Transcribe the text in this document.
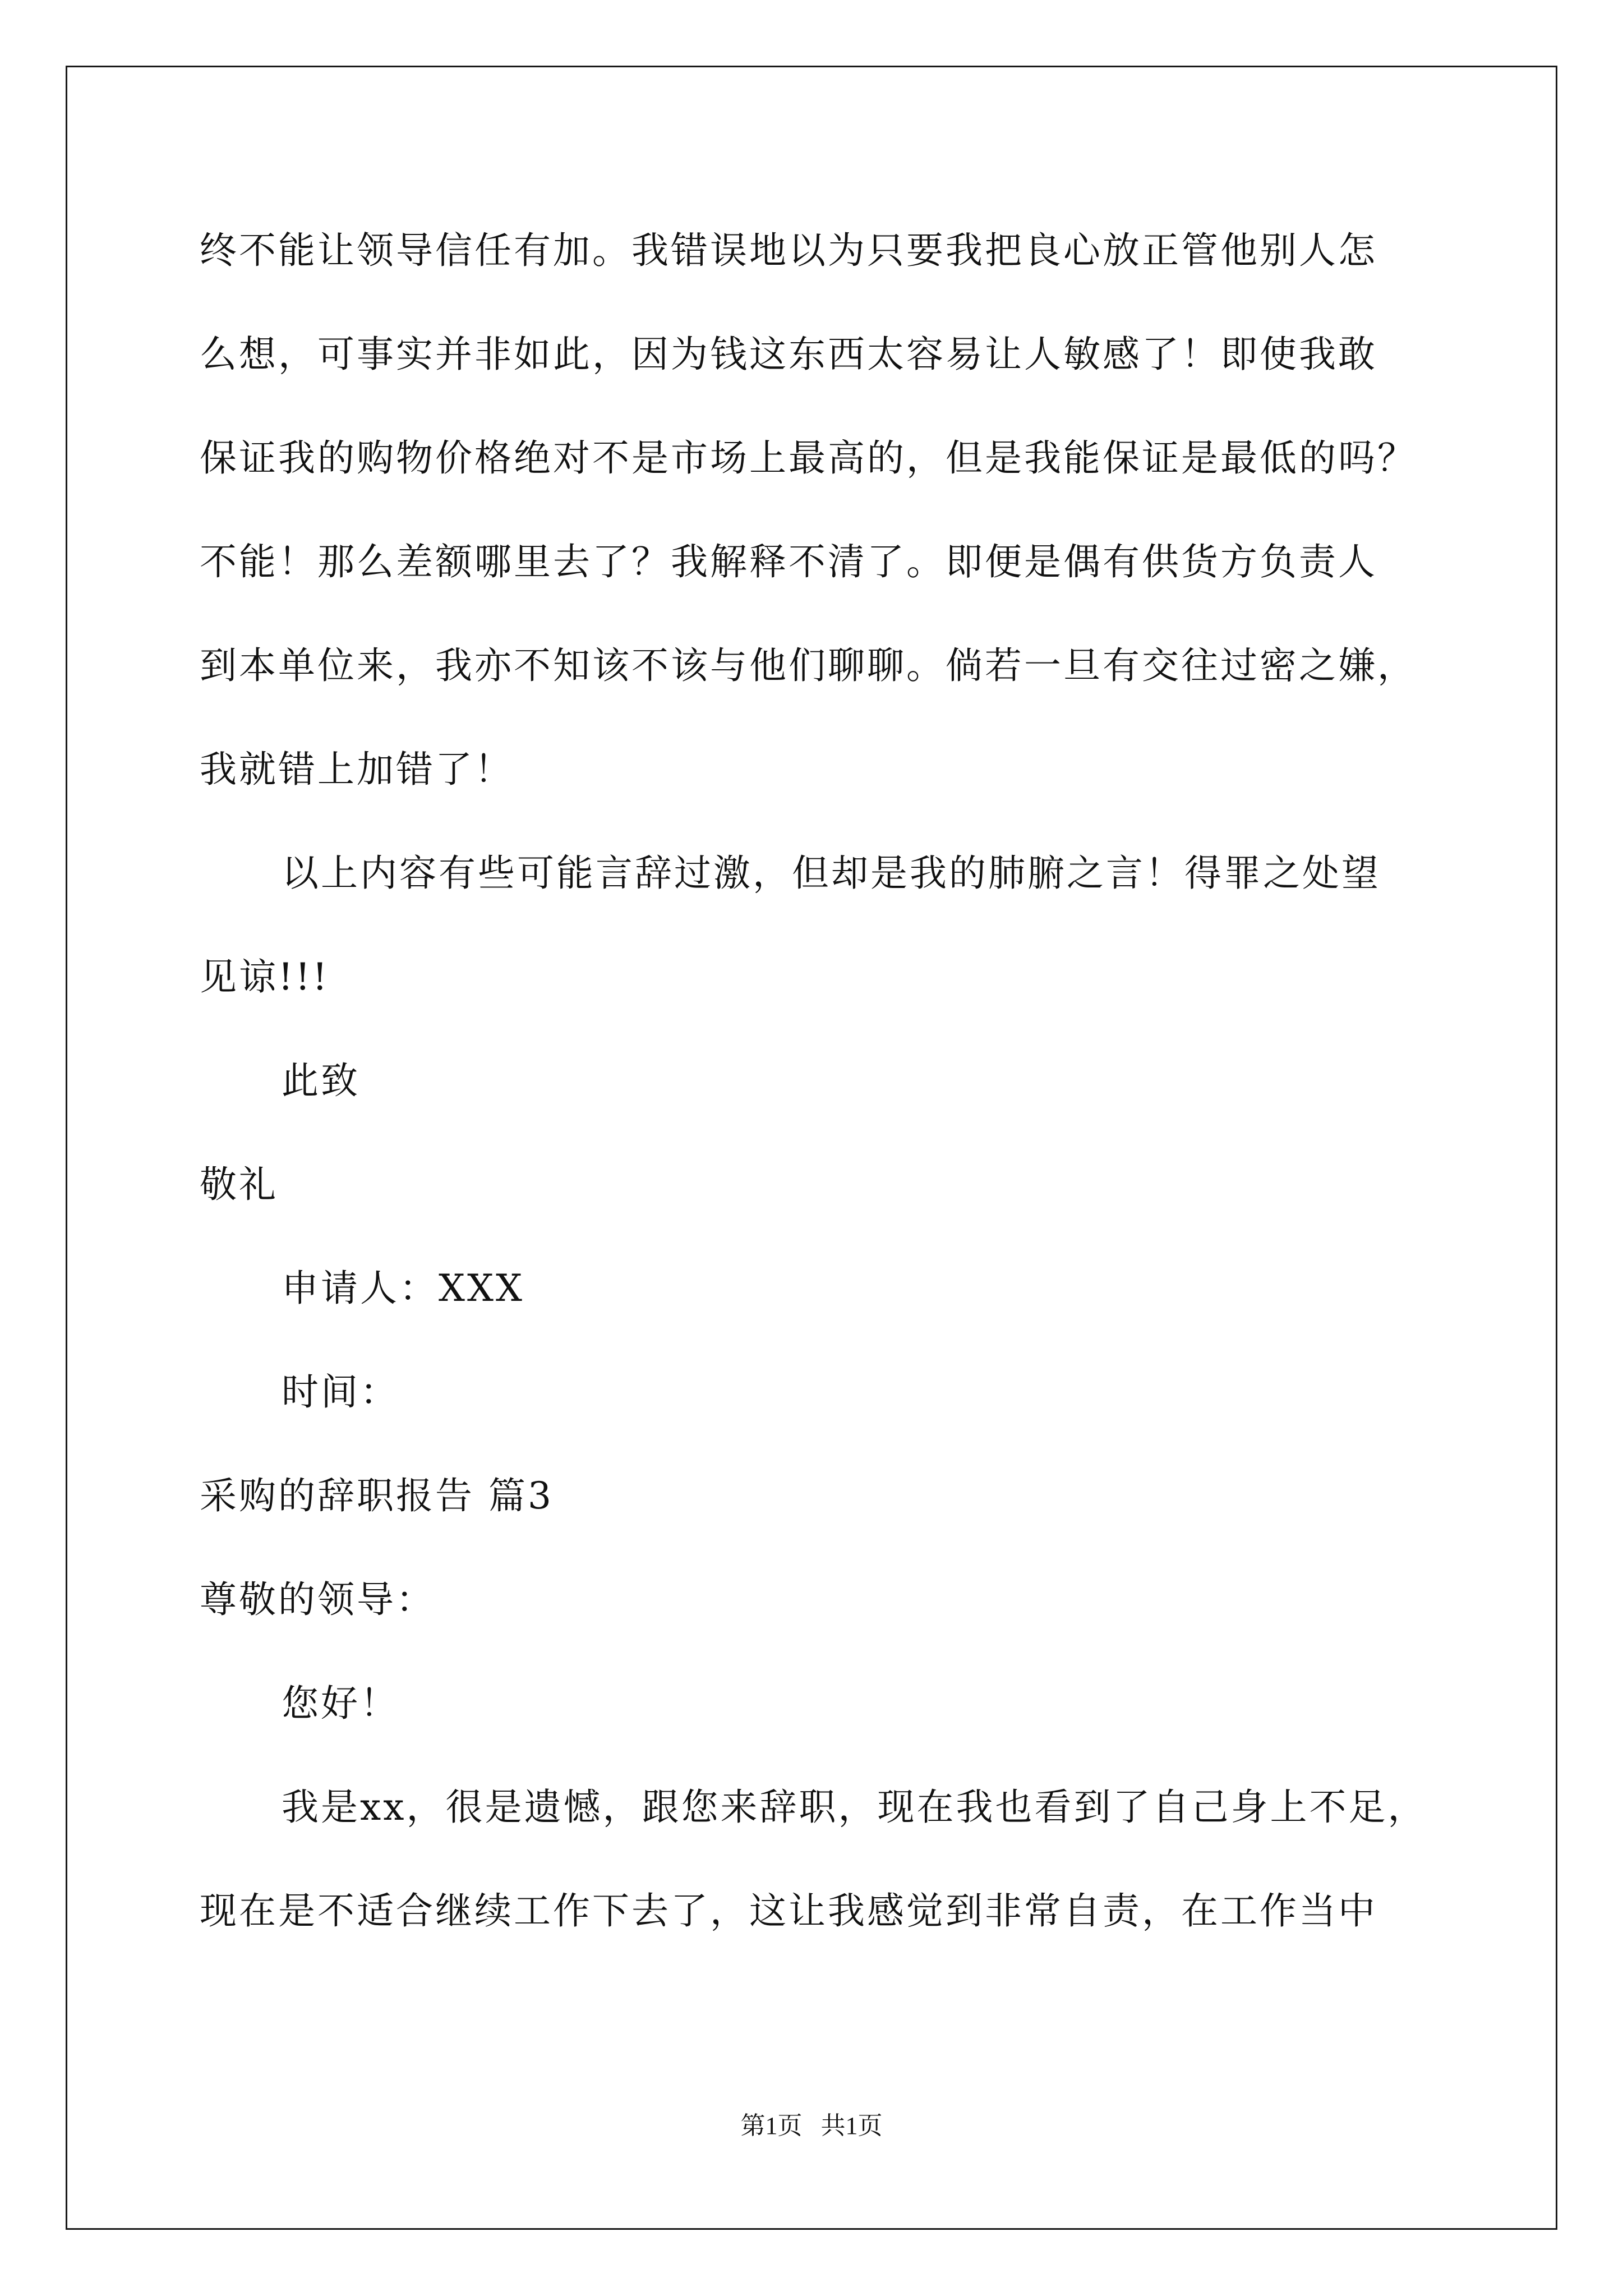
终不能让领导信任有加。我错误地以为只要我把良心放正管他别人怎
么想，可事实并非如此，因为钱这东西太容易让人敏感了！即使我敢
保证我的购物价格绝对不是市场上最高的，但是我能保证是最低的吗？
不能！那么差额哪里去了？我解释不清了。即便是偶有供货方负责人
到本单位来，我亦不知该不该与他们聊聊。倘若一旦有交往过密之嫌，
我就错上加错了！
以上内容有些可能言辞过激，但却是我的肺腑之言！得罪之处望
见谅!!!
此致
敬礼
申请人：XXX
时间：
采购的辞职报告 篇3
尊敬的领导：
您好！
我是xx，很是遗憾，跟您来辞职，现在我也看到了自己身上不足，
现在是不适合继续工作下去了，这让我感觉到非常自责，在工作当中
第1页   共1页
